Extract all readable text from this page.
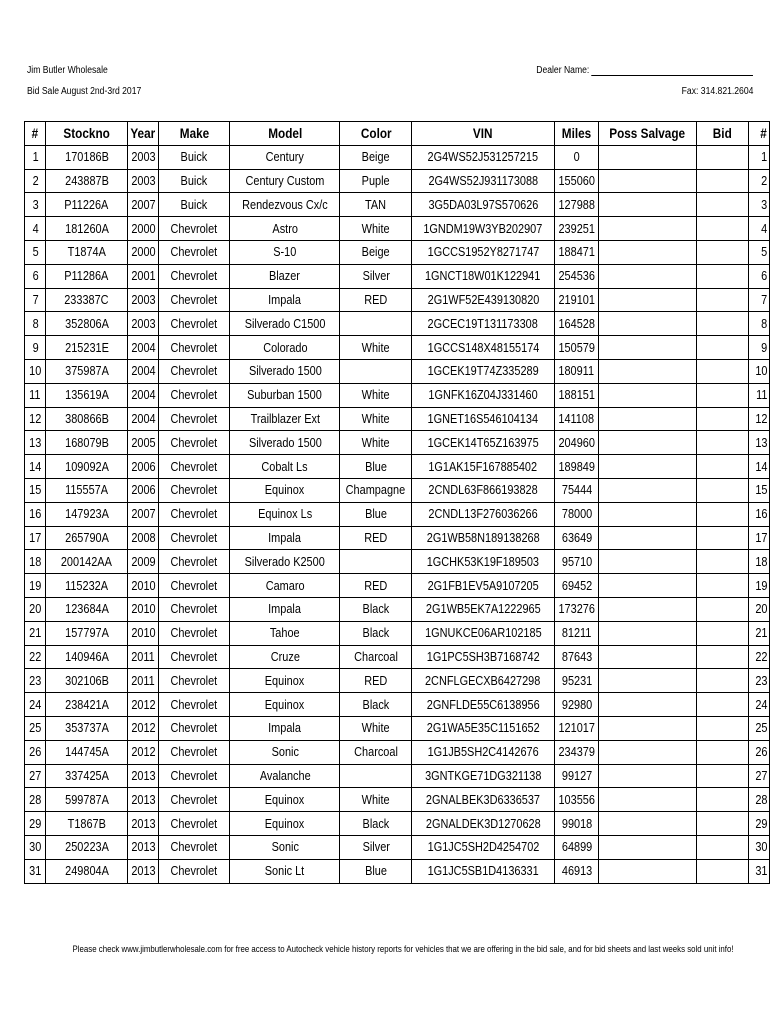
Jim Butler Wholesale
Bid Sale August 2nd-3rd 2017
Dealer Name:
Fax: 314.821.2604
#	Stockno	Year	Make	Model	Color	VIN	Miles	Poss Salvage	Bid	#
1	170186B	2003	Buick	Century	Beige	2G4WS52J531257215	0			1
2	243887B	2003	Buick	Century Custom	Puple	2G4WS52J931173088	155060			2
3	P11226A	2007	Buick	Rendezvous Cx/c	TAN	3G5DA03L97S570626	127988			3
4	181260A	2000	Chevrolet	Astro	White	1GNDM19W3YB202907	239251			4
5	T1874A	2000	Chevrolet	S-10	Beige	1GCCS1952Y8271747	188471			5
6	P11286A	2001	Chevrolet	Blazer	Silver	1GNCT18W01K122941	254536			6
7	233387C	2003	Chevrolet	Impala	RED	2G1WF52E439130820	219101			7
8	352806A	2003	Chevrolet	Silverado C1500		2GCEC19T131173308	164528			8
9	215231E	2004	Chevrolet	Colorado	White	1GCCS148X48155174	150579			9
10	375987A	2004	Chevrolet	Silverado 1500		1GCEK19T74Z335289	180911			10
11	135619A	2004	Chevrolet	Suburban 1500	White	1GNFK16Z04J331460	188151			11
12	380866B	2004	Chevrolet	Trailblazer Ext	White	1GNET16S546104134	141108			12
13	168079B	2005	Chevrolet	Silverado 1500	White	1GCEK14T65Z163975	204960			13
14	109092A	2006	Chevrolet	Cobalt Ls	Blue	1G1AK15F167885402	189849			14
15	115557A	2006	Chevrolet	Equinox	Champagne	2CNDL63F866193828	75444			15
16	147923A	2007	Chevrolet	Equinox Ls	Blue	2CNDL13F276036266	78000			16
17	265790A	2008	Chevrolet	Impala	RED	2G1WB58N189138268	63649			17
18	200142AA	2009	Chevrolet	Silverado K2500		1GCHK53K19F189503	95710			18
19	115232A	2010	Chevrolet	Camaro	RED	2G1FB1EV5A9107205	69452			19
20	123684A	2010	Chevrolet	Impala	Black	2G1WB5EK7A1222965	173276			20
21	157797A	2010	Chevrolet	Tahoe	Black	1GNUKCE06AR102185	81211			21
22	140946A	2011	Chevrolet	Cruze	Charcoal	1G1PC5SH3B7168742	87643			22
23	302106B	2011	Chevrolet	Equinox	RED	2CNFLGECXB6427298	95231			23
24	238421A	2012	Chevrolet	Equinox	Black	2GNFLDE55C6138956	92980			24
25	353737A	2012	Chevrolet	Impala	White	2G1WA5E35C1151652	121017			25
26	144745A	2012	Chevrolet	Sonic	Charcoal	1G1JB5SH2C4142676	234379			26
27	337425A	2013	Chevrolet	Avalanche		3GNTKGE71DG321138	99127			27
28	599787A	2013	Chevrolet	Equinox	White	2GNALBEK3D6336537	103556			28
29	T1867B	2013	Chevrolet	Equinox	Black	2GNALDEK3D1270628	99018			29
30	250223A	2013	Chevrolet	Sonic	Silver	1G1JC5SH2D4254702	64899			30
31	249804A	2013	Chevrolet	Sonic Lt	Blue	1G1JC5SB1D4136331	46913			31
Please check www.jimbutlerwholesale.com for free access to Autocheck vehicle history reports for vehicles that we are offering in the bid sale, and for bid sheets and last weeks sold unit info!
